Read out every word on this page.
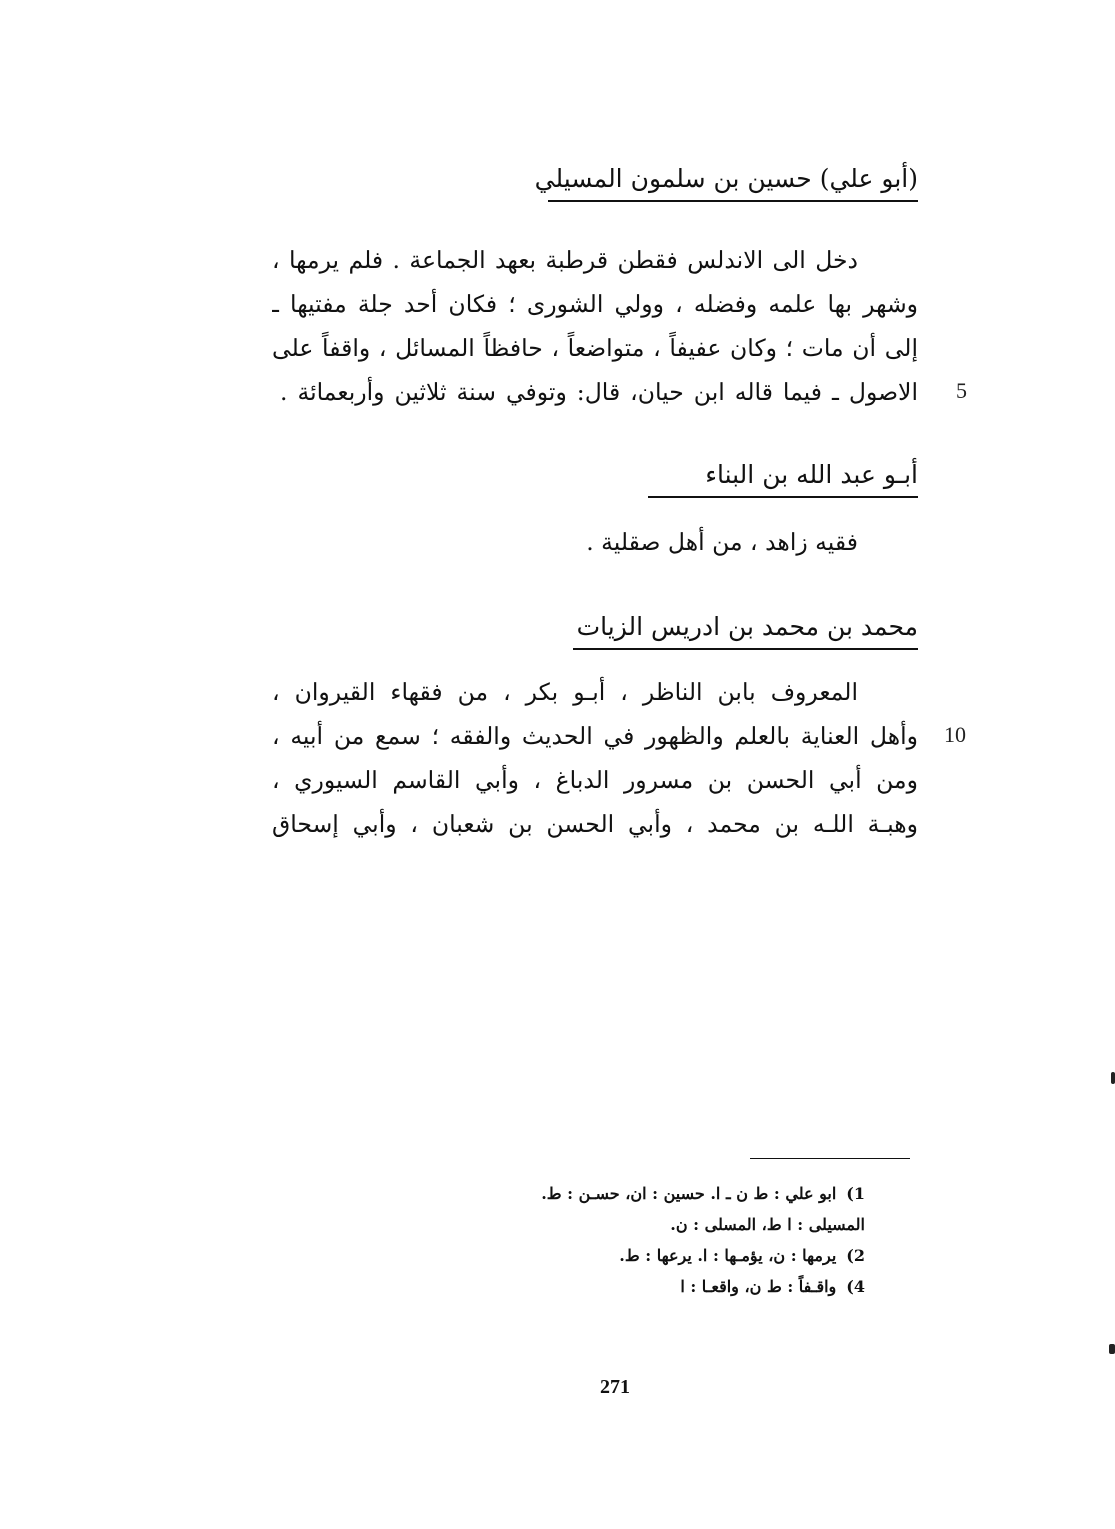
(أبو علي) حسين بن سلمون المسيلي
دخل الى الاندلس فقطن قرطبة بعهد الجماعة . فلم يرمها ،
وشهر بها علمه وفضله ، وولي الشورى ؛ فكان أحد جلة مفتيها ـ
إلى أن مات ؛ وكان عفيفاً ، متواضعاً ، حافظاً المسائل ، واقفاً على
الاصول ـ فيما قاله ابن حيان، قال: وتوفي سنة ثلاثين وأربعمائة . 5
أبـو عبد الله بن البناء
فقيه زاهد ، من أهل صقلية .
محمد بن محمد بن ادريس الزيات
المعروف بابن الناظر ، أبـو بكر ، من فقهاء القيروان ،
وأهل العناية بالعلم والظهور في الحديث والفقه ؛ سمع من أبيه ،
ومن أبي الحسن بن مسرور الدباغ ، وأبي القاسم السيوري ،
وهبـة اللـه بن محمد ، وأبي الحسن بن شعبان ، وأبي إسحاق
10
1)ابو علي : ط ن ـ ا. حسين : ان، حسـن : ط.
المسيلى : ا ط، المسلى : ن.
2)يرمها : ن، يؤمـها : ا. يرعها : ط.
4)واقـفاً : ط ن، واقعـا : ا
271
